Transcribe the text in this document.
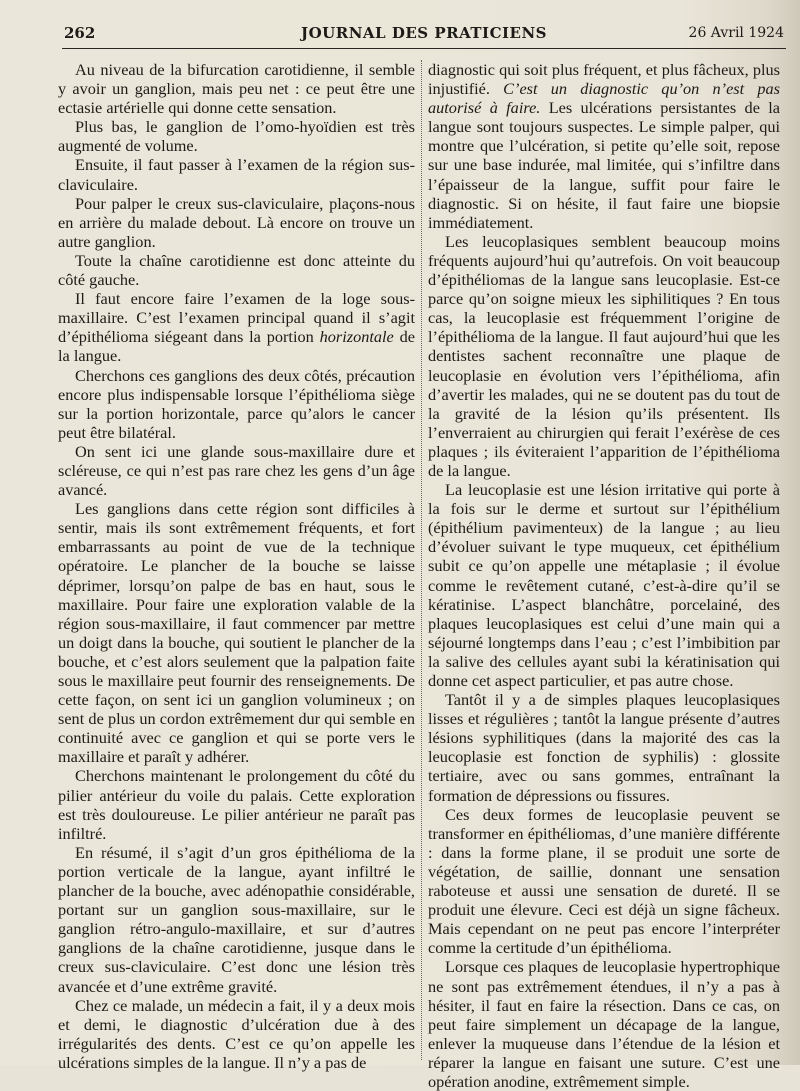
262	JOURNAL DES PRATICIENS	26 Avril 1924

Au niveau de la bifurcation carotidienne, il semble y avoir un ganglion, mais peu net : ce peut être une ectasie artérielle qui donne cette sensation.

Plus bas, le ganglion de l’omo-hyoïdien est très augmenté de volume.

Ensuite, il faut passer à l’examen de la région sus-claviculaire.

Pour palper le creux sus-claviculaire, plaçons-nous en arrière du malade debout. Là encore on trouve un autre ganglion.

Toute la chaîne carotidienne est donc atteinte du côté gauche.

Il faut encore faire l’examen de la loge sous-maxillaire. C’est l’examen principal quand il s’agit d’épithélioma siégeant dans la portion horizontale de la langue.

Cherchons ces ganglions des deux côtés, précaution encore plus indispensable lorsque l’épithélioma siège sur la portion horizontale, parce qu’alors le cancer peut être bilatéral.

On sent ici une glande sous-maxillaire dure et scléreuse, ce qui n’est pas rare chez les gens d’un âge avancé.

Les ganglions dans cette région sont difficiles à sentir, mais ils sont extrêmement fréquents, et fort embarrassants au point de vue de la technique opératoire. Le plancher de la bouche se laisse déprimer, lorsqu’on palpe de bas en haut, sous le maxillaire. Pour faire une exploration valable de la région sous-maxillaire, il faut commencer par mettre un doigt dans la bouche, qui soutient le plancher de la bouche, et c’est alors seulement que la palpation faite sous le maxillaire peut fournir des renseignements. De cette façon, on sent ici un ganglion volumineux ; on sent de plus un cordon extrêmement dur qui semble en continuité avec ce ganglion et qui se porte vers le maxillaire et paraît y adhérer.

Cherchons maintenant le prolongement du côté du pilier antérieur du voile du palais. Cette exploration est très douloureuse. Le pilier antérieur ne paraît pas infiltré.

En résumé, il s’agit d’un gros épithélioma de la portion verticale de la langue, ayant infiltré le plancher de la bouche, avec adénopathie considérable, portant sur un ganglion sous-maxillaire, sur le ganglion rétro-angulo-maxillaire, et sur d’autres ganglions de la chaîne carotidienne, jusque dans le creux sus-claviculaire. C’est donc une lésion très avancée et d’une extrême gravité.

Chez ce malade, un médecin a fait, il y a deux mois et demi, le diagnostic d’ulcération due à des irrégularités des dents. C’est ce qu’on appelle les ulcérations simples de la langue. Il n’y a pas de

diagnostic qui soit plus fréquent, et plus fâcheux, plus injustifié. C’est un diagnostic qu’on n’est pas autorisé à faire. Les ulcérations persistantes de la langue sont toujours suspectes. Le simple palper, qui montre que l’ulcération, si petite qu’elle soit, repose sur une base indurée, mal limitée, qui s’infiltre dans l’épaisseur de la langue, suffit pour faire le diagnostic. Si on hésite, il faut faire une biopsie immédiatement.

Les leucoplasiques semblent beaucoup moins fréquents aujourd’hui qu’autrefois. On voit beaucoup d’épithéliomas de la langue sans leucoplasie. Est-ce parce qu’on soigne mieux les siphilitiques ? En tous cas, la leucoplasie est fréquemment l’origine de l’épithélioma de la langue. Il faut aujourd’hui que les dentistes sachent reconnaître une plaque de leucoplasie en évolution vers l’épithélioma, afin d’avertir les malades, qui ne se doutent pas du tout de la gravité de la lésion qu’ils présentent. Ils l’enverraient au chirurgien qui ferait l’exérèse de ces plaques ; ils éviteraient l’apparition de l’épithélioma de la langue.

La leucoplasie est une lésion irritative qui porte à la fois sur le derme et surtout sur l’épithélium (épithélium pavimenteux) de la langue ; au lieu d’évoluer suivant le type muqueux, cet épithélium subit ce qu’on appelle une métaplasie ; il évolue comme le revêtement cutané, c’est-à-dire qu’il se kératinise. L’aspect blanchâtre, porcelainé, des plaques leucoplasiques est celui d’une main qui a séjourné longtemps dans l’eau ; c’est l’imbibition par la salive des cellules ayant subi la kératinisation qui donne cet aspect particulier, et pas autre chose.

Tantôt il y a de simples plaques leucoplasiques lisses et régulières ; tantôt la langue présente d’autres lésions syphilitiques (dans la majorité des cas la leucoplasie est fonction de syphilis) : glossite tertiaire, avec ou sans gommes, entraînant la formation de dépressions ou fissures.

Ces deux formes de leucoplasie peuvent se transformer en épithéliomas, d’une manière différente : dans la forme plane, il se produit une sorte de végétation, de saillie, donnant une sensation raboteuse et aussi une sensation de dureté. Il se produit une élevure. Ceci est déjà un signe fâcheux. Mais cependant on ne peut pas encore l’interpréter comme la certitude d’un épithélioma.

Lorsque ces plaques de leucoplasie hypertrophique ne sont pas extrêmement étendues, il n’y a pas à hésiter, il faut en faire la résection. Dans ce cas, on peut faire simplement un décapage de la langue, enlever la muqueuse dans l’étendue de la lésion et réparer la langue en faisant une suture. C’est une opération anodine, extrêmement simple.
